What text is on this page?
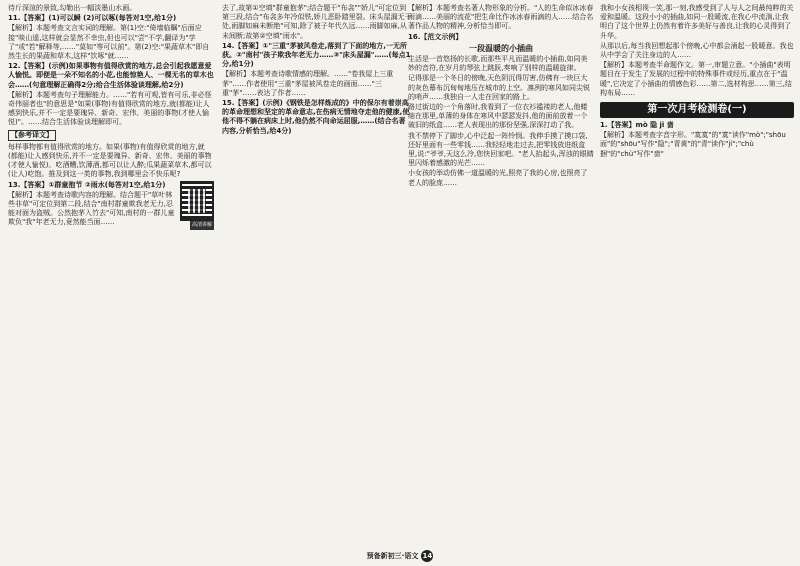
待斤深渲的景致,勾勒出一幅淡墨山水画。

11.【答案】(1)可以瞬 (2)可以啄(每答对1空,给1分)

【解析】本题考查文言实词的理解。第(1)空:"倚墙临瞩"后面应接"啖山遥,这样就会显然不幸虫,但也可以"尝"不学,翻译为"学了"或"若"解释等,……"莫如"等可以前"。第(2)空:"果蔬草木"即自然生长的果蔬和草木,这样"饮啄"就……

12.【答案】(示例)如果事物有值得欣赏的地方,总会引起我愿意爱人愉悦。即便是一朵不知名的小花,也能惊艳人、一棵无名的草木也会……(句意理解正确得2分;给合生活体验谈理解,给2分)

【解析】本题考查句子理解能力。……"若有可观,皆有可乐,非必怪奇伟丽者也"的意思是"如果(事物)有值得欣赏的地方,就(都能)让人感到快乐,并不一定是要瑰异、新奇、宏伟、美丽的事物(才使人愉悦)"。……结合生活体验谈理解即可。

【参考译文】

每样事物都有值得欣赏的地方。如果(事物)有值得欣赏的地方,就(都能)让人感到快乐,并不一定是要瑰异、新奇、宏伟、美丽的事物(才使人愉悦)。吃酒糟,饮薄酒,都可以让人醉;瓜果蔬菜草木,都可以(让人)吃饱。推及到这一类的事物,我到哪里会不快乐呢?

高清讲解

13.【答案】①群童抱节 ②雨水(每答对1空,给1分)

【解析】本题考查诗歌内容的理解。结合题干"草叶林些非草"可定位到第二段,结合"南村群童欺我老无力,忍能对面为盗贼。公然抱茅入竹去"可知,南村的一群儿童欺负"我"年老无力,竟然能当面……

去了,故第①空填"群童抱茅";结合题干"布衾""娇儿"可定位到第三段,结合"布衾多年冷似铁,娇儿恶卧踏里裂。床头屋漏无干处,雨脚如麻未断绝"可知,除了被子年代久远……雨脚如麻,从未间断;故第②空填"雨水"。

14.【答案】①"三重"茅被风卷走,落到了下面的地方,一无所获。②"南村"孩子欺我年老无力……③"床头屋漏"……(每点1分,给1分)

【解析】本题考查诗歌情感的理解。……"卷我屋上三重茅"……作者使用"三重"茅屋被风卷走的画面……"三重"茅"……表达了作者……

15.【答案】(示例)《钢铁是怎样炼成的》中的保尔有着崇高的革命理想和坚定的革命意志,在伤病无情地夺走他的健康,使他不得不躺在病床上时,他仍然不向命运屈服,……(结合名著内容,分析恰当,给4分)

【解析】本题考查名著人物形象的分析。"人的生命似冰冰春雨滴……美丽的流花"把生命比作冰冰春雨滴的人……结合名著作品人物的精神,分析恰当即可。

16.【范文示例】

一段温暖的小插曲

生活是一首悠扬的长歌,而那些平凡而温暖的小插曲,如同美妙的音符,在岁月的琴弦上跳跃,奏响了别样的温暖旋律。

记得那是一个冬日的傍晚,天色阴沉得厉害,仿佛有一块巨大的灰色幕布沉甸甸地压在城市的上空。凛冽的寒风如同尖锐的哨声……我独自一人走在回家的路上。

路过街边的一个角落时,我看到了一位衣衫褴褛的老人,他蜷缩在那里,单薄的身体在寒风中瑟瑟发抖,他的面前放着一个破旧的纸盒……老人表现出的那份坚强,深深打动了我。

我不禁停下了脚步,心中泛起一阵怜悯。我伸手摸了摸口袋,还好里面有一些零钱……我轻轻地走过去,把零钱放进纸盒里,说:"爷爷,天这么冷,您快回家吧。"老人抬起头,浑浊的眼睛里闪烁着感激的光芒……

小女孩的举动仿佛一道温暖的光,照亮了我的心房,也照亮了老人的脸庞……

我和小女孩相视一笑,那一刻,我感受到了人与人之间最纯粹的关爱和温暖。这段小小的插曲,如同一股暖流,在我心中流淌,让我明白了这个世界上仍然有着许多美好与善良,让我的心灵得到了升华。

从那以后,每当我回想起那个傍晚,心中都会涌起一股暖意。我也从中学会了关注身边的人……

【解析】本题考查半命题作文。第一,审题立意。"小插曲"表明题目在于发生了发展的过程中的特殊事件或经历,重点在于"温暖",它决定了小插曲的情感色彩……第二,选材构思……第三,结构布局……

第一次月考检测卷(一)

1.【答案】mò 隐 ji 啬

【解析】本题考查字音字形。"寞寞"的"寞"读作"mò";"shōu 面"的"shōu"写作"隐";"青黄"的"青"读作"jí";"chù 捆"的"chù"写作"啬"

预备新初三·语文 14
